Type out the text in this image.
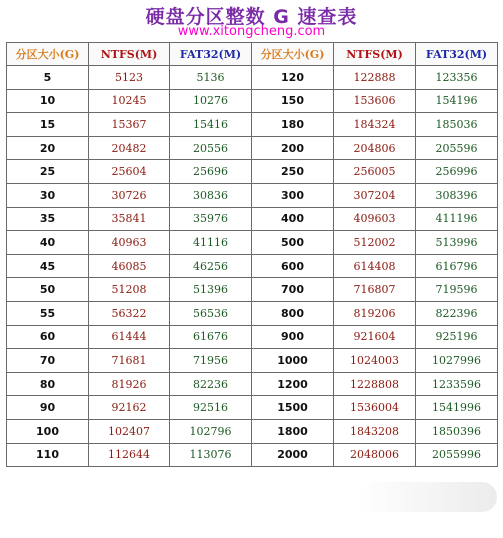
硬盘分区整数 G 速查表
www.xitongcheng.com
分区大小(G)	NTFS(M)	FAT32(M)	分区大小(G)	NTFS(M)	FAT32(M)
5	5123	5136	120	122888	123356
10	10245	10276	150	153606	154196
15	15367	15416	180	184324	185036
20	20482	20556	200	204806	205596
25	25604	25696	250	256005	256996
30	30726	30836	300	307204	308396
35	35841	35976	400	409603	411196
40	40963	41116	500	512002	513996
45	46085	46256	600	614408	616796
50	51208	51396	700	716807	719596
55	56322	56536	800	819206	822396
60	61444	61676	900	921604	925196
70	71681	71956	1000	1024003	1027996
80	81926	82236	1200	1228808	1233596
90	92162	92516	1500	1536004	1541996
100	102407	102796	1800	1843208	1850396
110	112644	113076	2000	2048006	2055996
